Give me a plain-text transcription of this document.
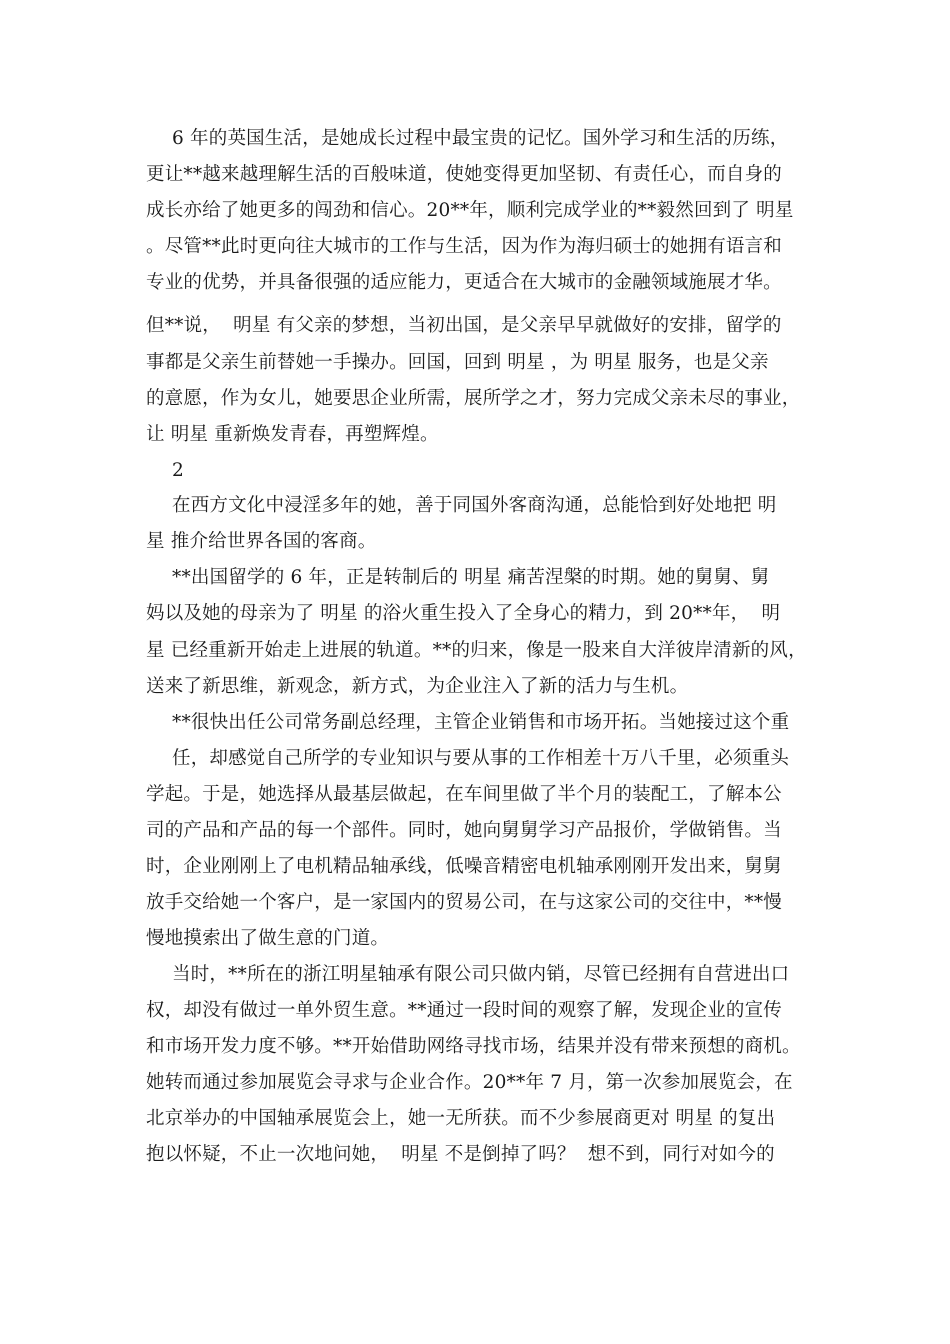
6 年的英国生活，是她成长过程中最宝贵的记忆。国外学习和生活的历练，
更让**越来越理解生活的百般味道，使她变得更加坚韧、有责任心，而自身的
成长亦给了她更多的闯劲和信心。20**年，顺利完成学业的**毅然回到了 明星
。尽管**此时更向往大城市的工作与生活，因为作为海归硕士的她拥有语言和
专业的优势，并具备很强的适应能力，更适合在大城市的金融领域施展才华。
但**说，  明星 有父亲的梦想，当初出国，是父亲早早就做好的安排，留学的
事都是父亲生前替她一手操办。回国，回到 明星 ，为 明星 服务，也是父亲
的意愿，作为女儿，她要思企业所需，展所学之才，努力完成父亲未尽的事业，
让 明星 重新焕发青春，再塑辉煌。
2
在西方文化中浸淫多年的她，善于同国外客商沟通，总能恰到好处地把 明
星 推介给世界各国的客商。
**出国留学的 6 年，正是转制后的 明星 痛苦涅槃的时期。她的舅舅、舅
妈以及她的母亲为了 明星 的浴火重生投入了全身心的精力，到 20**年，  明
星 已经重新开始走上进展的轨道。**的归来，像是一股来自大洋彼岸清新的风，
送来了新思维，新观念，新方式，为企业注入了新的活力与生机。
**很快出任公司常务副总经理，主管企业销售和市场开拓。当她接过这个重
任，却感觉自己所学的专业知识与要从事的工作相差十万八千里，必须重头
学起。于是，她选择从最基层做起，在车间里做了半个月的装配工，了解本公
司的产品和产品的每一个部件。同时，她向舅舅学习产品报价，学做销售。当
时，企业刚刚上了电机精品轴承线，低噪音精密电机轴承刚刚开发出来，舅舅
放手交给她一个客户，是一家国内的贸易公司，在与这家公司的交往中，**慢
慢地摸索出了做生意的门道。
当时，**所在的浙江明星轴承有限公司只做内销，尽管已经拥有自营进出口
权，却没有做过一单外贸生意。**通过一段时间的观察了解，发现企业的宣传
和市场开发力度不够。**开始借助网络寻找市场，结果并没有带来预想的商机。
她转而通过参加展览会寻求与企业合作。20**年 7 月，第一次参加展览会，在
北京举办的中国轴承展览会上，她一无所获。而不少参展商更对 明星 的复出
抱以怀疑，不止一次地问她，  明星 不是倒掉了吗？  想不到，同行对如今的
